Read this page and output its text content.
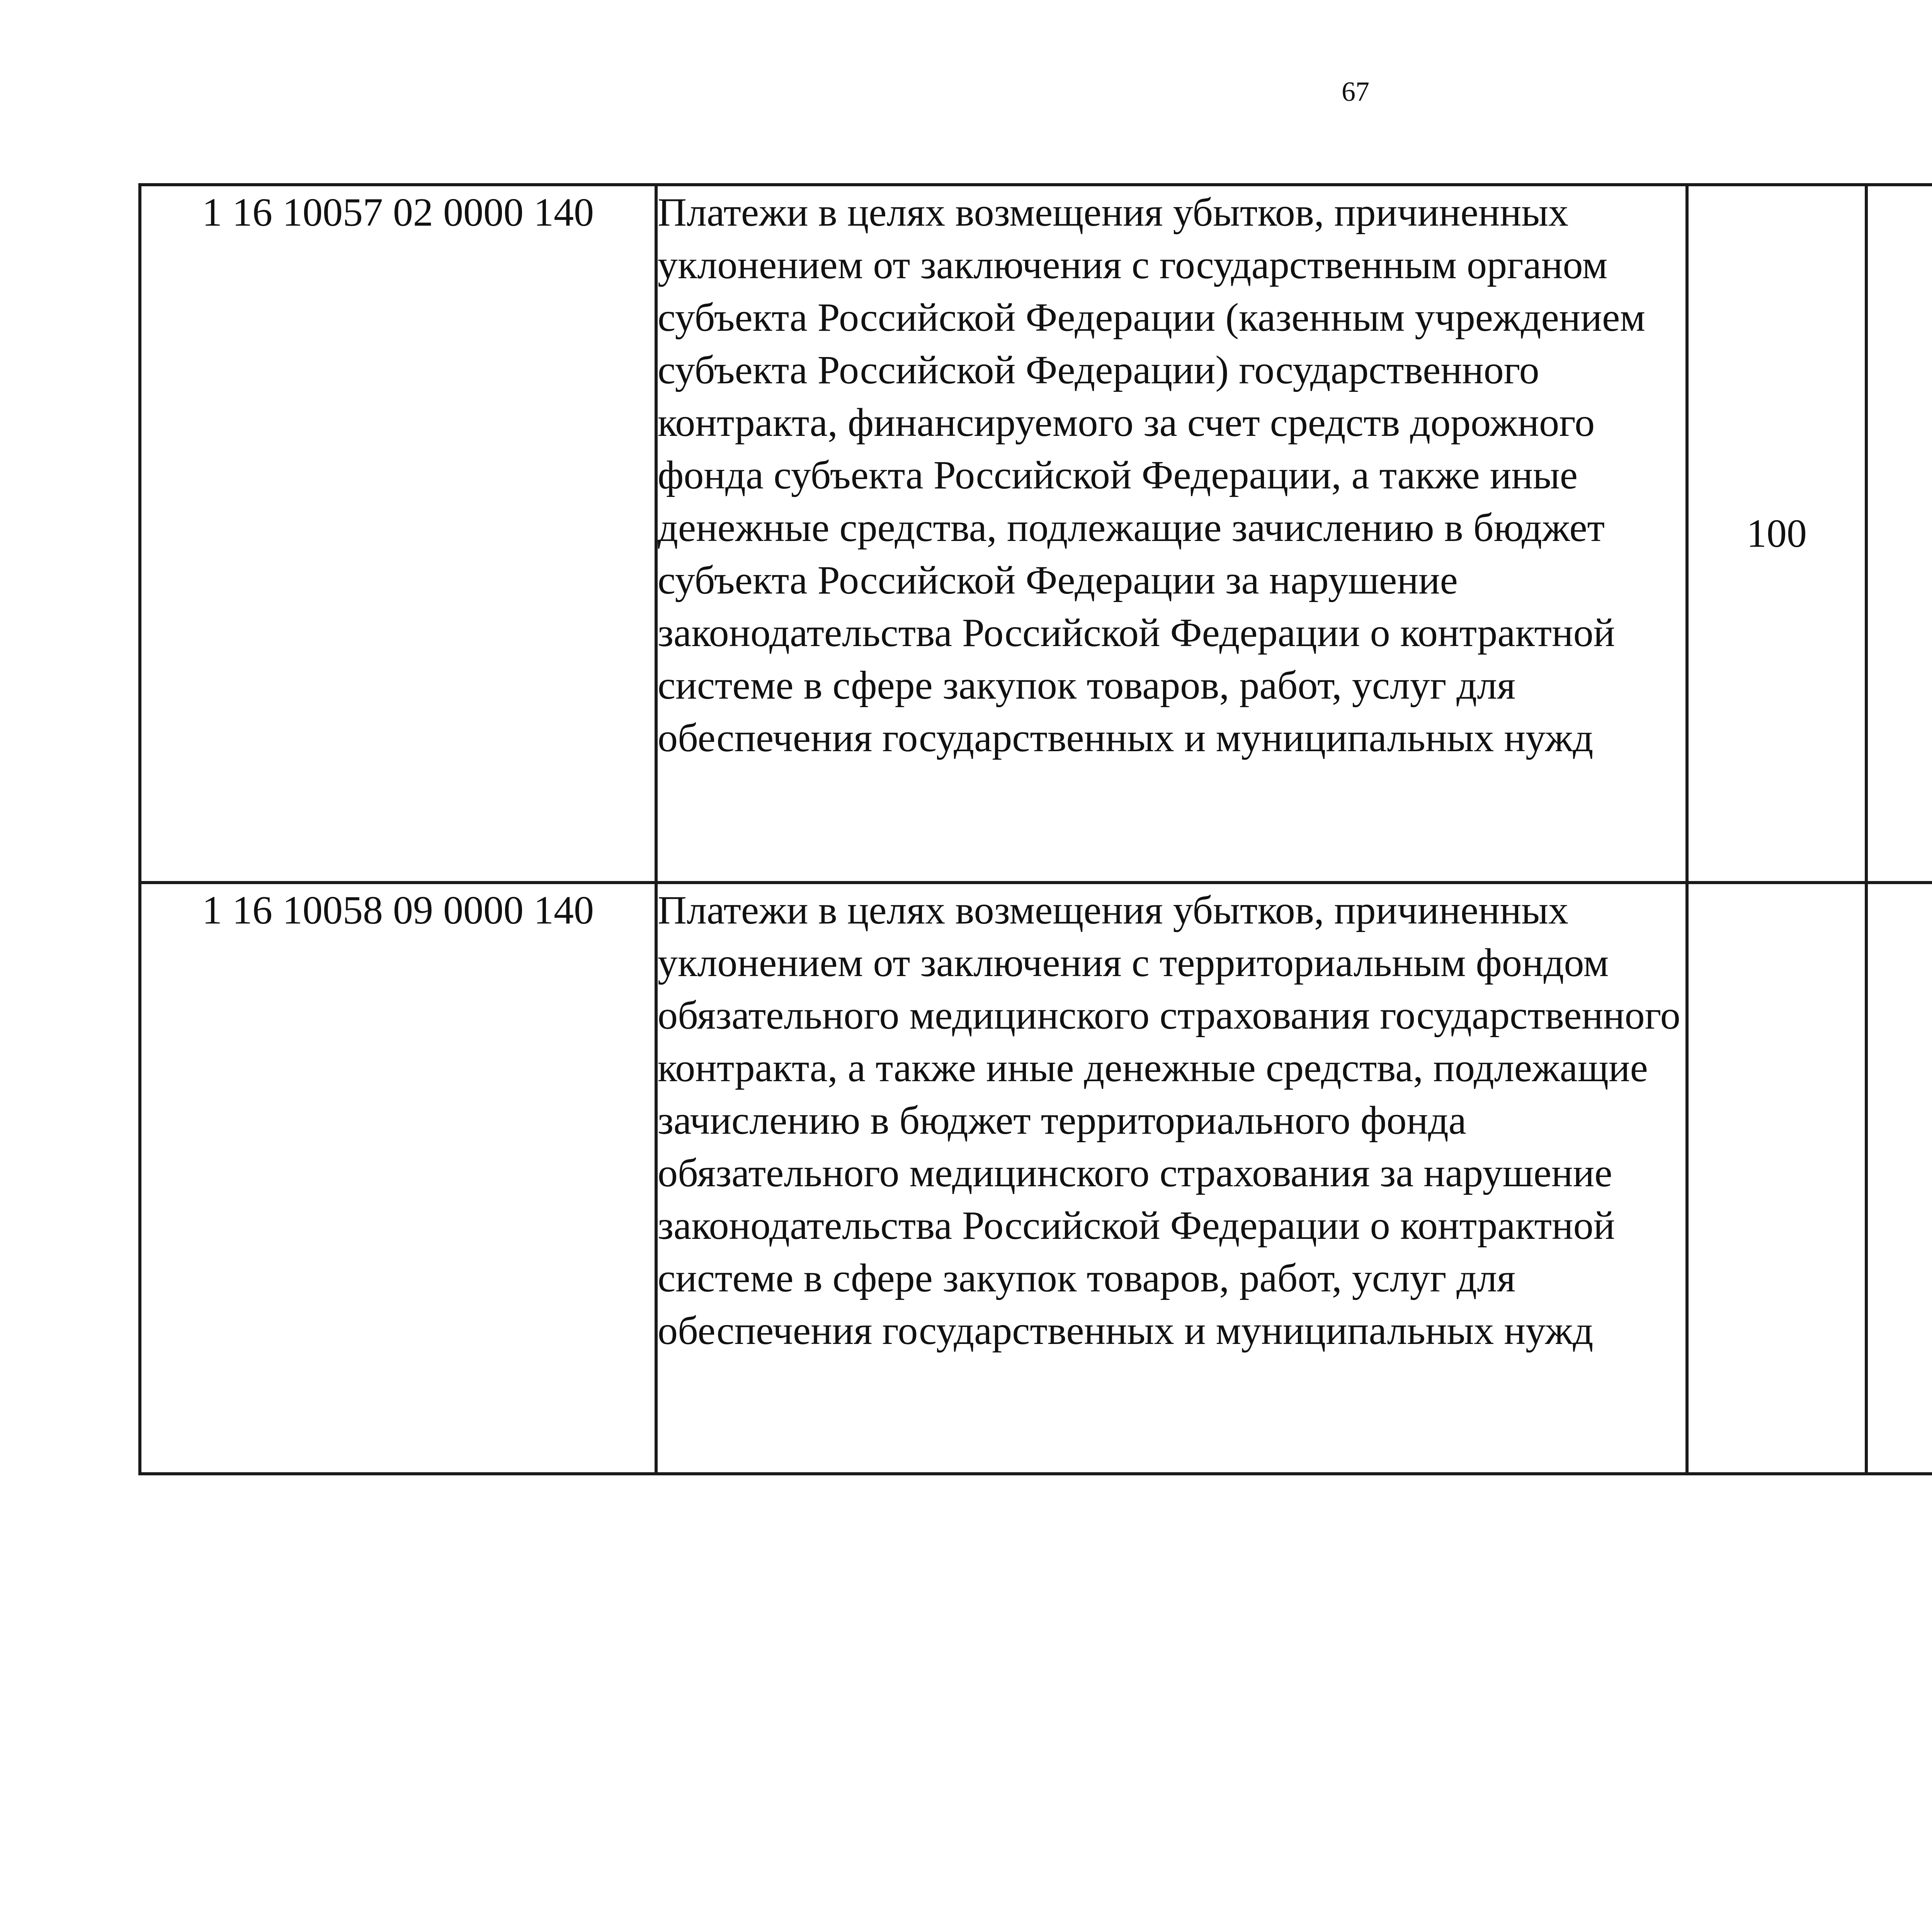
67
1 16 10057 02 0000 140	Платежи в целях возмещения убытков, причиненных уклонением от заключения с государственным органом субъекта Российской Федерации (казенным учреждением субъекта Российской Федерации) государственного контракта, финансируемого за счет средств дорожного фонда субъекта Российской Федерации, а также иные денежные средства, подлежащие зачислению в бюджет субъекта Российской Федерации за нарушение законодательства Российской Федерации о контрактной системе в сфере закупок товаров, работ, услуг для обеспечения государственных и муниципальных нужд	100				
1 16 10058 09 0000 140	Платежи в целях возмещения убытков, причиненных уклонением от заключения с территориальным фондом обязательного медицинского страхования государственного контракта, а также иные денежные средства, подлежащие зачислению в бюджет территориального фонда обязательного медицинского страхования за нарушение законодательства Российской Федерации о контрактной системе в сфере закупок товаров, работ, услуг для обеспечения государственных и муниципальных нужд					
